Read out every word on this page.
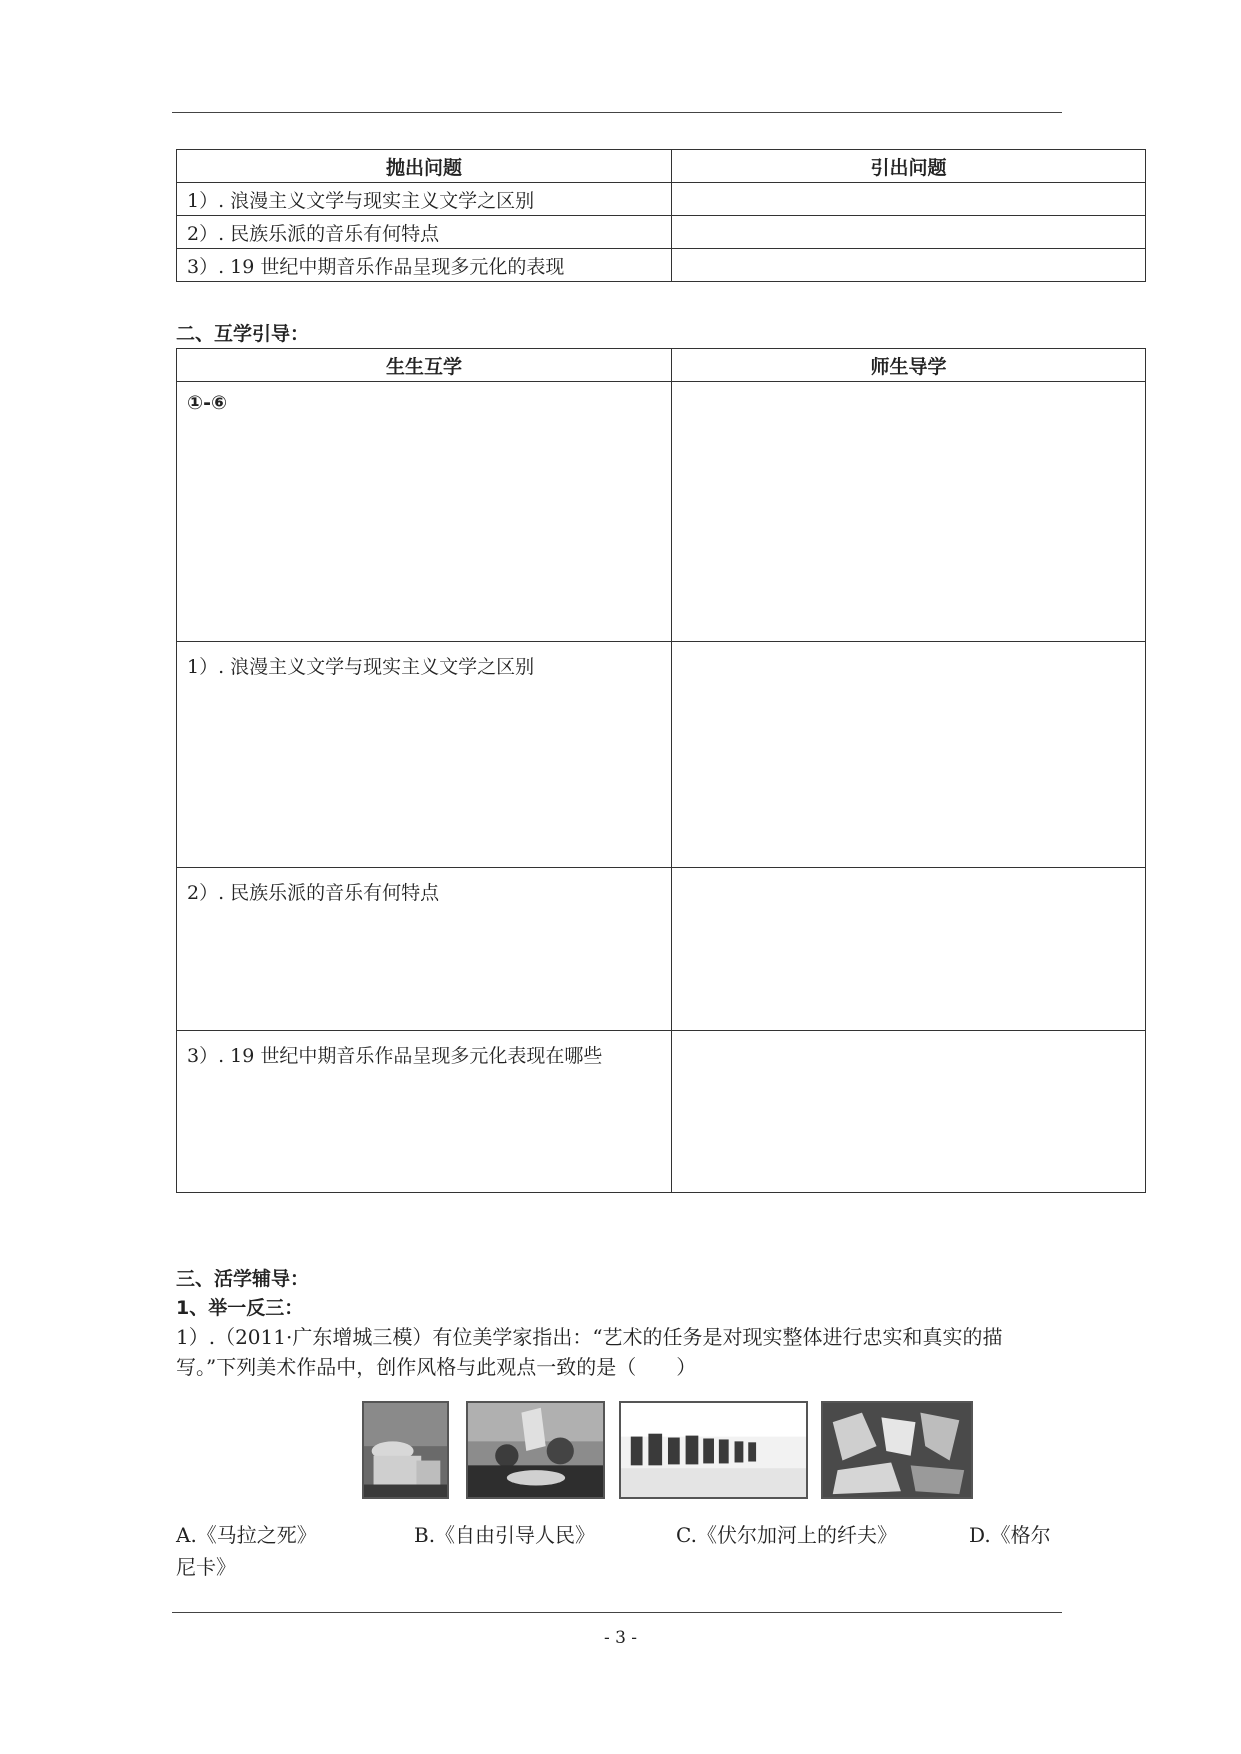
抛出问题	引出问题
1）. 浪漫主义文学与现实主义文学之区别	
2）. 民族乐派的音乐有何特点	
3）. 19 世纪中期音乐作品呈现多元化的表现	
二、互学引导：
生生互学	师生导学
①-⑥	
1）. 浪漫主义文学与现实主义文学之区别	
2）. 民族乐派的音乐有何特点	
3）. 19 世纪中期音乐作品呈现多元化表现在哪些	
三、活学辅导：
1、举一反三：
1）.（2011·广东增城三模）有位美学家指出：“艺术的任务是对现实整体进行忠实和真实的描写。”下列美术作品中，创作风格与此观点一致的是（　　）
A.《马拉之死》	B.《自由引导人民》	C.《伏尔加河上的纤夫》	D.《格尔
尼卡》
- 3 -
